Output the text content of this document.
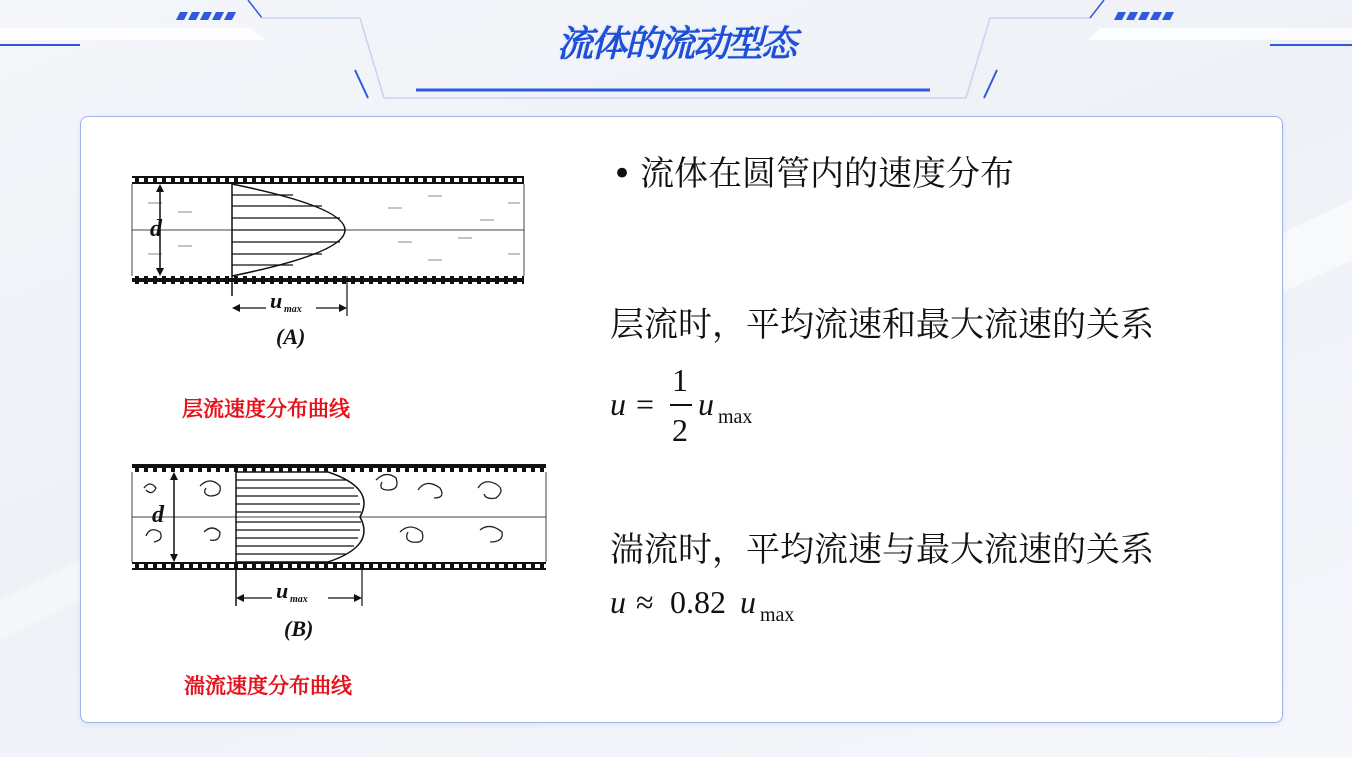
流体的流动型态
d
u max
(A)
层流速度分布曲线
d
u max
(B)
湍流速度分布曲线
• 流体在圆管内的速度分布
层流时，平均流速和最大流速的关系
u =
1
2
u max
湍流时，平均流速与最大流速的关系
u ≈ 0.82 u max
